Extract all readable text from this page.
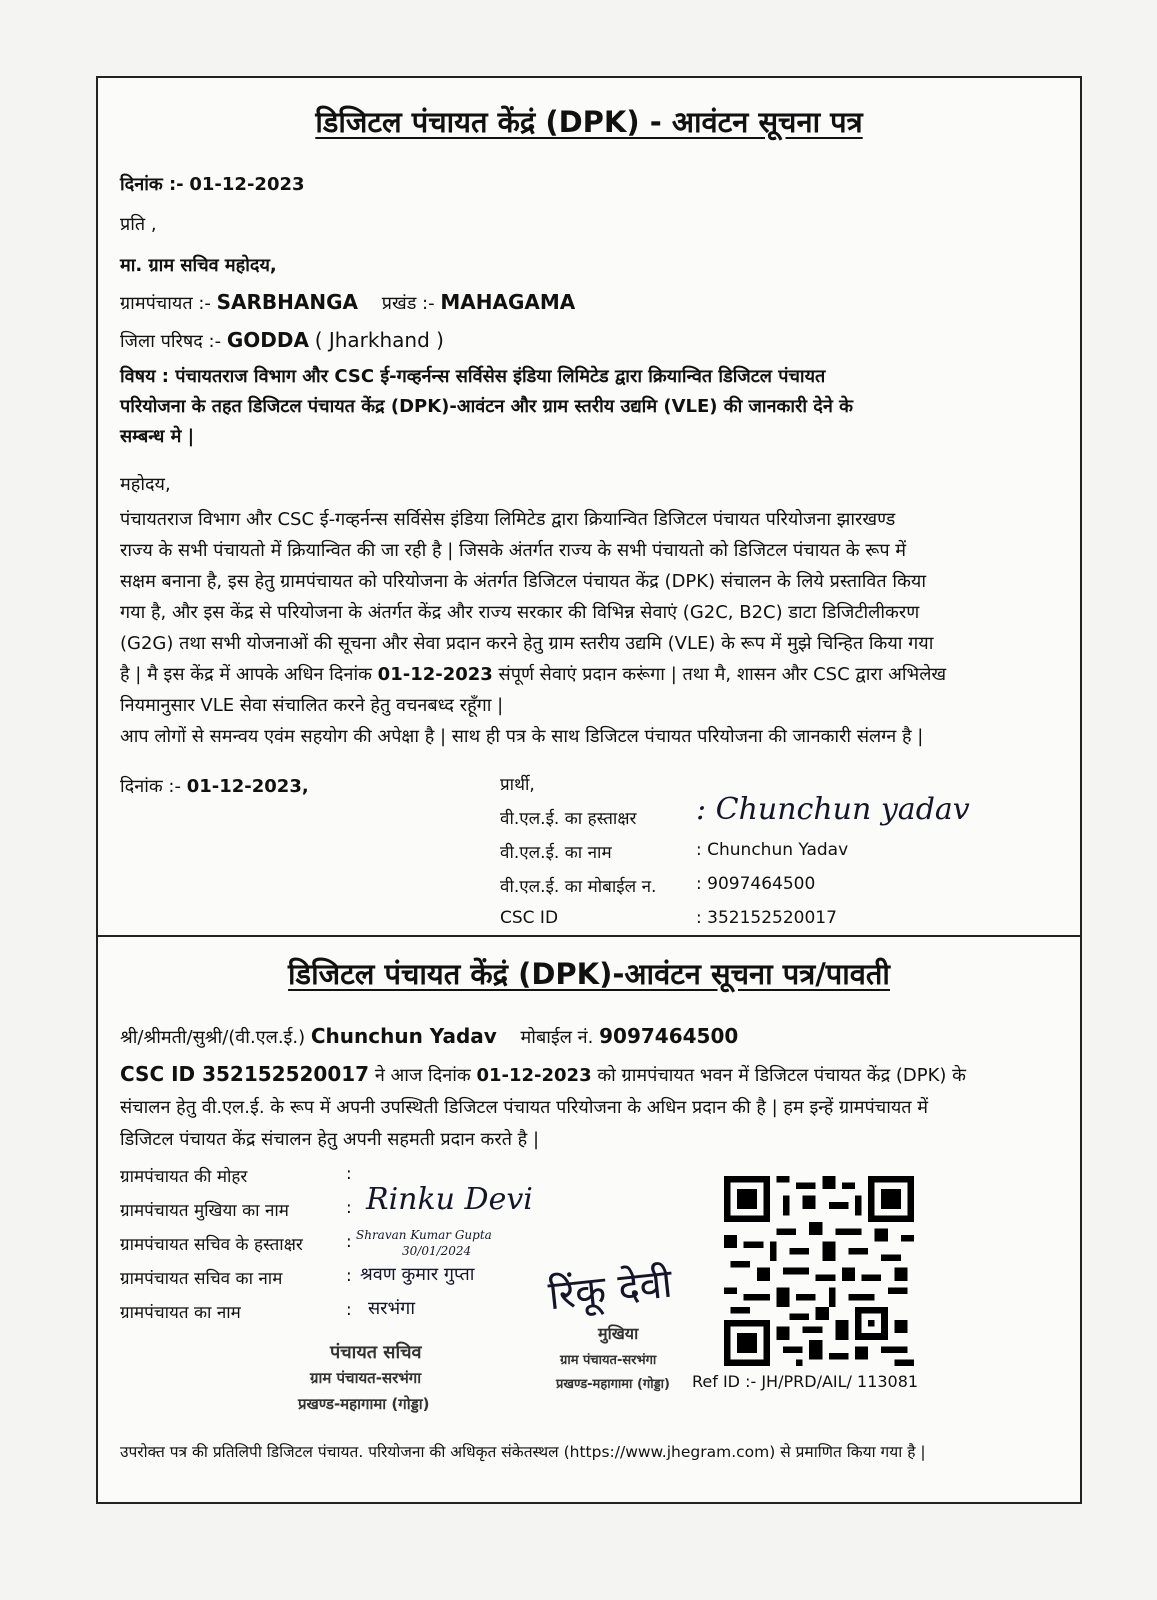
डिजिटल पंचायत केंद्रं (DPK) - आवंटन सूचना पत्र
दिनांक :- 01-12-2023
प्रति ,
मा. ग्राम सचिव महोदय,
ग्रामपंचायत :- SARBHANGA प्रखंड :- MAHAGAMA
जिला परिषद :- GODDA ( Jharkhand )
विषय : पंचायतराज विभाग और CSC ई-गव्हर्नन्स सर्विसेस इंडिया लिमिटेड द्वारा क्रियान्वित डिजिटल पंचायत
परियोजना के तहत डिजिटल पंचायत केंद्र (DPK)-आवंटन और ग्राम स्तरीय उद्यमि (VLE) की जानकारी देने के
सम्बन्ध मे |
महोदय,
पंचायतराज विभाग और CSC ई-गव्हर्नन्स सर्विसेस इंडिया लिमिटेड द्वारा क्रियान्वित डिजिटल पंचायत परियोजना झारखण्ड
राज्य के सभी पंचायतो में क्रियान्वित की जा रही है | जिसके अंतर्गत राज्य के सभी पंचायतो को डिजिटल पंचायत के रूप में
सक्षम बनाना है, इस हेतु ग्रामपंचायत को परियोजना के अंतर्गत डिजिटल पंचायत केंद्र (DPK) संचालन के लिये प्रस्तावित किया
गया है, और इस केंद्र से परियोजना के अंतर्गत केंद्र और राज्य सरकार की विभिन्न सेवाएं (G2C, B2C) डाटा डिजिटीलीकरण
(G2G) तथा सभी योजनाओं की सूचना और सेवा प्रदान करने हेतु ग्राम स्तरीय उद्यमि (VLE) के रूप में मुझे चिन्हित किया गया
है | मै इस केंद्र में आपके अधिन दिनांक 01-12-2023 संपूर्ण सेवाएं प्रदान करूंगा | तथा मै, शासन और CSC द्वारा अभिलेख
नियमानुसार VLE सेवा संचालित करने हेतु वचनबध्द रहूँगा |
आप लोगों से समन्वय एवंम सहयोग की अपेक्षा है | साथ ही पत्र के साथ डिजिटल पंचायत परियोजना की जानकारी संलग्न है |
दिनांक :- 01-12-2023,	प्रार्थी,
वी.एल.ई. का हस्ताक्षर : Chunchun yadav
वी.एल.ई. का नाम	: Chunchun Yadav
वी.एल.ई. का मोबाईल न. : 9097464500
CSC ID	: 352152520017
डिजिटल पंचायत केंद्रं (DPK)-आवंटन सूचना पत्र/पावती
श्री/श्रीमती/सुश्री/(वी.एल.ई.) Chunchun Yadav मोबाईल नं. 9097464500
CSC ID 352152520017 ने आज दिनांक 01-12-2023 को ग्रामपंचायत भवन में डिजिटल पंचायत केंद्र (DPK) के
संचालन हेतु वी.एल.ई. के रूप में अपनी उपस्थिती डिजिटल पंचायत परियोजना के अधिन प्रदान की है | हम इन्हें ग्रामपंचायत में
डिजिटल पंचायत केंद्र संचालन हेतु अपनी सहमती प्रदान करते है |
ग्रामपंचायत की मोहर	:
ग्रामपंचायत मुखिया का नाम	: Rinku Devi
ग्रामपंचायत सचिव के हस्ताक्षर	: Shravan Kumar Gupta
30/01/2024
ग्रामपंचायत सचिव का नाम	: श्रवण कुमार गुप्ता
ग्रामपंचायत का नाम	: सरभंगा
पंचायत सचिव
ग्राम पंचायत-सरभंगा
प्रखण्ड-महागामा (गोड्डा)
रिंकू देवी
मुखिया
ग्राम पंचायत-सरभंगा
प्रखण्ड-महागामा (गोड्डा) Ref ID :- JH/PRD/AIL/ 113081
उपरोक्त पत्र की प्रतिलिपी डिजिटल पंचायत. परियोजना की अधिकृत संकेतस्थल (https://www.jhegram.com) से प्रमाणित किया गया है |
